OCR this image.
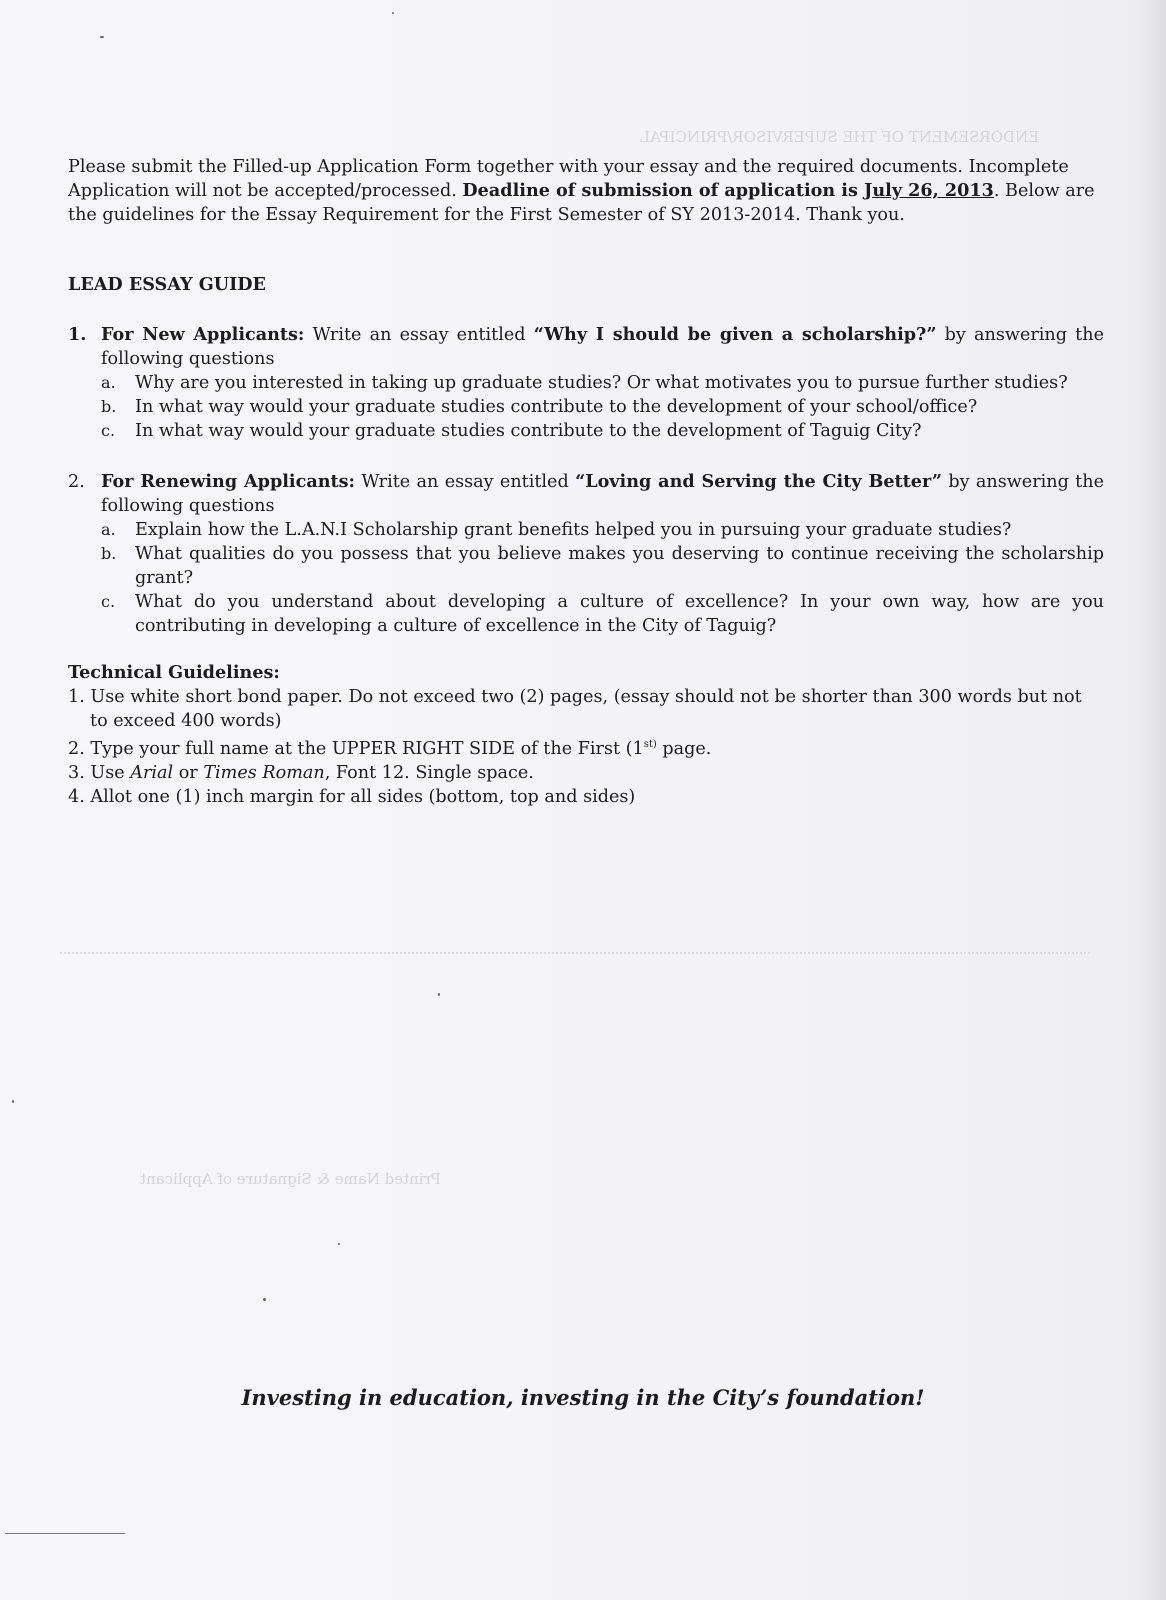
ENDORSEMENT OF THE SUPERVISOR/PRINCIPAL
Printed Name & Signature of Applicant

Please submit the Filled-up Application Form together with your essay and the required documents. Incomplete Application will not be accepted/processed. Deadline of submission of application is July 26, 2013. Below are the guidelines for the Essay Requirement for the First Semester of SY 2013-2014. Thank you.

LEAD ESSAY GUIDE

1. For New Applicants: Write an essay entitled “Why I should be given a scholarship?” by answering the following questions
a.	Why are you interested in taking up graduate studies? Or what motivates you to pursue further studies?
b.	In what way would your graduate studies contribute to the development of your school/office?
c.	In what way would your graduate studies contribute to the development of Taguig City?
2. For Renewing Applicants: Write an essay entitled “Loving and Serving the City Better” by answering the following questions
a.	Explain how the L.A.N.I Scholarship grant benefits helped you in pursuing your graduate studies?
b.	What qualities do you possess that you believe makes you deserving to continue receiving the scholarship grant?
c.	What do you understand about developing a culture of excellence? In your own way, how are you contributing in developing a culture of excellence in the City of Taguig?
Technical Guidelines:
1. Use white short bond paper. Do not exceed two (2) pages, (essay should not be shorter than 300 words but not to exceed 400 words)
2. Type your full name at the UPPER RIGHT SIDE of the First ($1^{st)}$ page.
3. Use Arial or Times Roman, Font 12. Single space.
4. Allot one (1) inch margin for all sides (bottom, top and sides)
Investing in education, investing in the City’s foundation!
